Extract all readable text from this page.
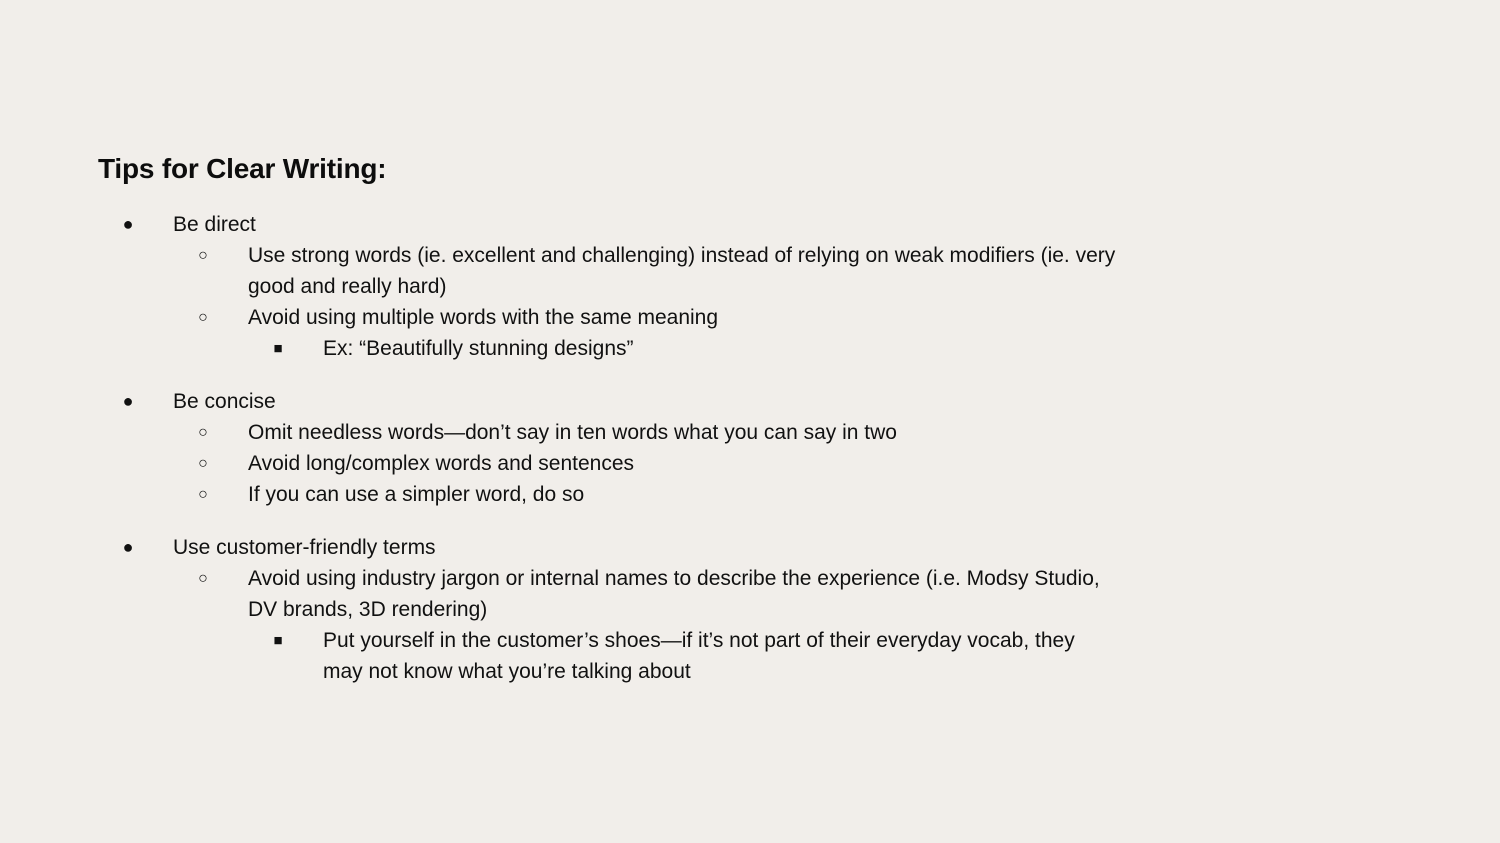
Tips for Clear Writing:
● Be direct
○ Use strong words (ie. excellent and challenging) instead of relying on weak modifiers (ie. very good and really hard)
○ Avoid using multiple words with the same meaning
■ Ex: “Beautifully stunning designs”
● Be concise
○ Omit needless words—don’t say in ten words what you can say in two
○ Avoid long/complex words and sentences
○ If you can use a simpler word, do so
● Use customer-friendly terms
○ Avoid using industry jargon or internal names to describe the experience (i.e. Modsy Studio, DV brands, 3D rendering)
■ Put yourself in the customer’s shoes—if it’s not part of their everyday vocab, they may not know what you’re talking about
